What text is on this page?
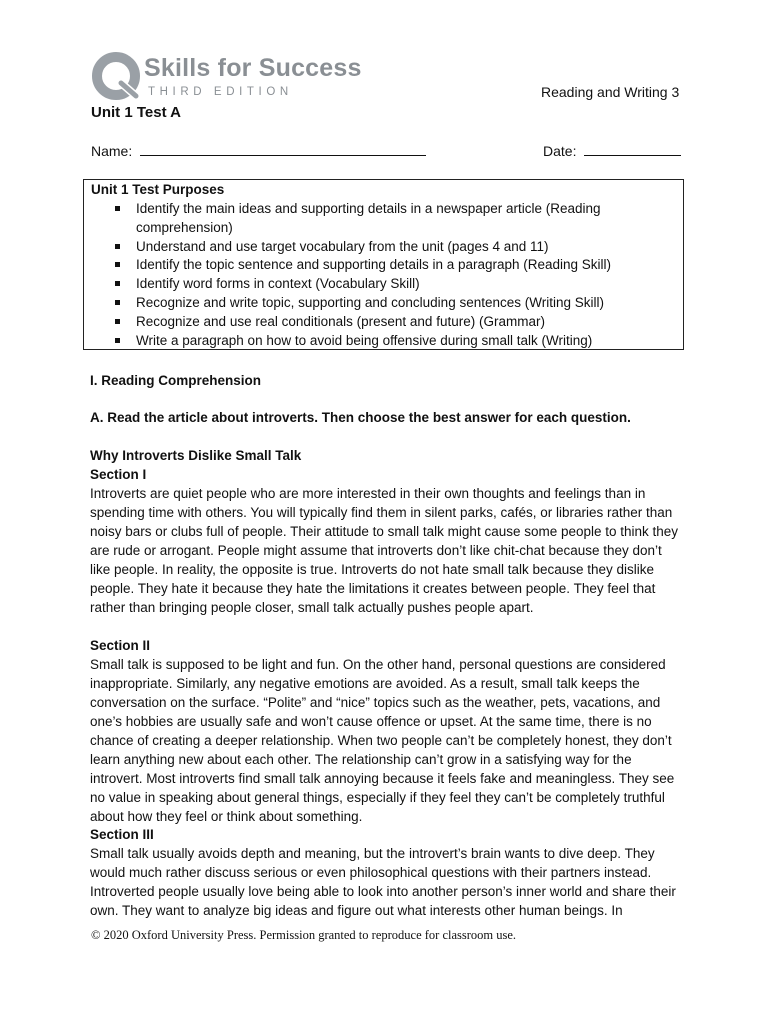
Skills for Success
THIRD EDITION	Reading and Writing 3
Unit 1 Test A
Name:	Date:
Unit 1 Test Purposes
Identify the main ideas and supporting details in a newspaper article (Reading comprehension)
Understand and use target vocabulary from the unit (pages 4 and 11)
Identify the topic sentence and supporting details in a paragraph (Reading Skill)
Identify word forms in context (Vocabulary Skill)
Recognize and write topic, supporting and concluding sentences (Writing Skill)
Recognize and use real conditionals (present and future) (Grammar)
Write a paragraph on how to avoid being offensive during small talk (Writing)
I. Reading Comprehension
A. Read the article about introverts. Then choose the best answer for each question.
Why Introverts Dislike Small Talk
Section I
Introverts are quiet people who are more interested in their own thoughts and feelings than in spending time with others. You will typically find them in silent parks, cafés, or libraries rather than noisy bars or clubs full of people. Their attitude to small talk might cause some people to think they are rude or arrogant. People might assume that introverts don’t like chit-chat because they don’t like people. In reality, the opposite is true. Introverts do not hate small talk because they dislike people. They hate it because they hate the limitations it creates between people. They feel that rather than bringing people closer, small talk actually pushes people apart.
Section II
Small talk is supposed to be light and fun. On the other hand, personal questions are considered inappropriate. Similarly, any negative emotions are avoided. As a result, small talk keeps the conversation on the surface. “Polite” and “nice” topics such as the weather, pets, vacations, and one’s hobbies are usually safe and won’t cause offence or upset. At the same time, there is no chance of creating a deeper relationship. When two people can’t be completely honest, they don’t learn anything new about each other. The relationship can’t grow in a satisfying way for the introvert. Most introverts find small talk annoying because it feels fake and meaningless. They see no value in speaking about general things, especially if they feel they can’t be completely truthful about how they feel or think about something.
Section III
Small talk usually avoids depth and meaning, but the introvert’s brain wants to dive deep. They would much rather discuss serious or even philosophical questions with their partners instead. Introverted people usually love being able to look into another person’s inner world and share their own. They want to analyze big ideas and figure out what interests other human beings. In
© 2020 Oxford University Press. Permission granted to reproduce for classroom use.
